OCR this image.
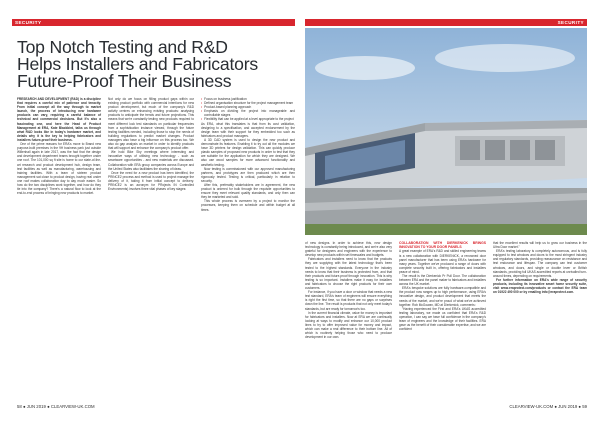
SECURITY	SECURITY
Top Notch Testing and R&D
Helps Installers and Fabricators
Future-Proof Their Business

FRESEARCH AND DEVELOPMENT (R&D) is a discipline that requires a careful mix of patience and tenacity. From initial concept all the way through to market launch, the process of introducing new hardware products can vary, requiring a careful balance of technical and commercial decisions. But it's also a fascinating one, and here the Head of Product Management at ERA, Kate Blackbird, talks us through what R&D looks like in today's hardware market, and details why it is the key to helping fabricators and installers future-proof their business.

One of the prime reasons for ERA's move to Brand new purpose-built premises in the 9H business park just outside Willenhall again in late 2017, was the fact that the design and development department teams brought together under one roof. The 101,000 sq ft site is home to our state-of-the-art research and product development hub, design team, test facilities as well as manufacturing, warehousing and training facilities. With a team of sixteen product management sat close to product design, having real under one roof makes collaboration day to day much easier. So how do the two disciplines work together, and how do they tie into the company? There's a natural flow to look at the end-to-end process of bringing new products to market.

Not only do we focus on filling product gaps within our existing product portfolio with commercial intentions for new product development, but much of the company's R&D activity centres on enhancing existing products: analysing products to anticipate the trends and future projections. This means that we're constantly testing new products required to meet different lock test standards on particular frequencies from a sophistication instance viewed, through the future testing facilities needed, including those to stop the needs of building regulations to predict market changes. Product managers also have a big influence on this process too. We also do gap analysis on market in order to identify products that will support and enhance the company's product offer.

We hold Bike Shy meetings where interesting and innovative ways of utilising new technology - such as smartware opportunities - and new materials are discussed. Collaboration with ERA group companies across Europe and the United States also facilitates the sharing of ideas.

Once the need for a new product has been identified, the PRINCE2 process and method is used to project manage the delivery of it, taking it from initial concept to delivery. PRINCE2 is an acronym for PRojects IN Controlled Environments) involves three vital phases of key stages:

• Focus on business justification
• Defined organisation structure for the project management team
• Product-based planning approach
• Emphasis on dividing the project into manageable and controllable stages
• Flexibility that can be applied at a level appropriate to the project

As ERA, what this translates is that from its cost validation, designing to a specification, and accepted endorsement by the design team with their support for they embedded too such as fabricators and product managers.

A 3D CAD system is used to design the new product and demonstrate its features. Enabling it to try out all the modules we have 3D printers for design validation. This can quickly produce plastic samples of proposed new products in order to test that they are suitable for the application for which they are designed. We also use wood samples for more advanced functionality and aesthetic testing.

Now testing is commissioned with our approved manufacturing partners, and prototypes are then produced which are then rigorously tested. Testing is critical, particularly in relation to security.

After this, preferably stakeholders are in agreement, the new product is ordered for bulk through the requisite opportunities to ensure they meet relevant quality standards, and only then can they be marketed and sold.

This whole process is overseen by a project to monitor the processes, keeping them on schedule and within budget at all times.

of new designs. In order to achieve this, new design technology is constantly being introduced, and we're also very grateful for designers and engineers with the experience to develop new products within set timescales and budgets.

Fabricators and installers need to know that the products they are supplying with the latest technology that's been tested to the highest standards. Everyone in the industry needs to know that their business is protected from, and that their products and future-proof through innovation. This is why testing is so important. Installers make it easy for installers and fabricators to choose the right products for their own customers.

For instance, if you have a door or window that needs a new test standard, ERA's team of engineers will ensure everything is right the first time, so that there are no gaps or surprises down the line. The result is products that not only meet today's standards, but are ready for tomorrow's too.

In the current financial climate, value for money is important for fabricators and installers. Now at ERA we are continually looking at ways to modify and enhance our 10,000 product lines to try to offer improved value for money and impact, which can make a real difference to their bottom line. All of which is routinely helping those who need to produce development in our own.

COLLABORATION WITH DIERKENICK BRINGS INNOVATION TO YOUR DOOR PANELS

A great example of ERA's R&D and skilled engineering teams is a new collaboration with DIERKENICK, a renowned door panel manufacturer that has been using ERA's hardware for many years. Together we've produced a range of doors with complete security built in, offering fabricators and installers peace of mind.

The result is the Dierkenick Pr Pull Door. The collaboration between ERA and the panel maker to fabricators and installers across the UK market.

ERA's bespoke solutions are fully hardware-compatible and the product now ranges up to high performance, using ERA's innovative design, and product development that meets the needs of the market, and we're proud of what we've achieved together. Rob McGowan, MD at Dierkenick, comments:

"Having experienced the First and ERA's UKAS accredited testing laboratory, we made us confident that ERA's R&D operation, I can say we have full confidence in the company's team of engineers and the knowledge of their facilities. ERA gave us the benefit of their considerable expertise, and we are confident

that the excellent results will help us to grow our business in the Ultra Door market."

ERA's testing laboratory is completely autonomous, and is fully equipped to test windows and doors to the most stringent industry and regulatory standards, providing reassurance on resistance and test endurance and lifespan. The company can test customer windows, and doors, and single or double lever or British standards, providing full UKAS accredited reports at unrivalled turn-around times, depending on requirements.

For further information on ERA's wide range of security products, including its innovative smart home security suite, visit www.eraprotect.com/products or contact the ERA team on 01922 490 000 or by emailing info@eraprotect.com.

58 ● JUN 2019 ● CLEARVIEW-UK.COM	CLEARVIEW-UK.COM ● JUN 2019 ● 59
